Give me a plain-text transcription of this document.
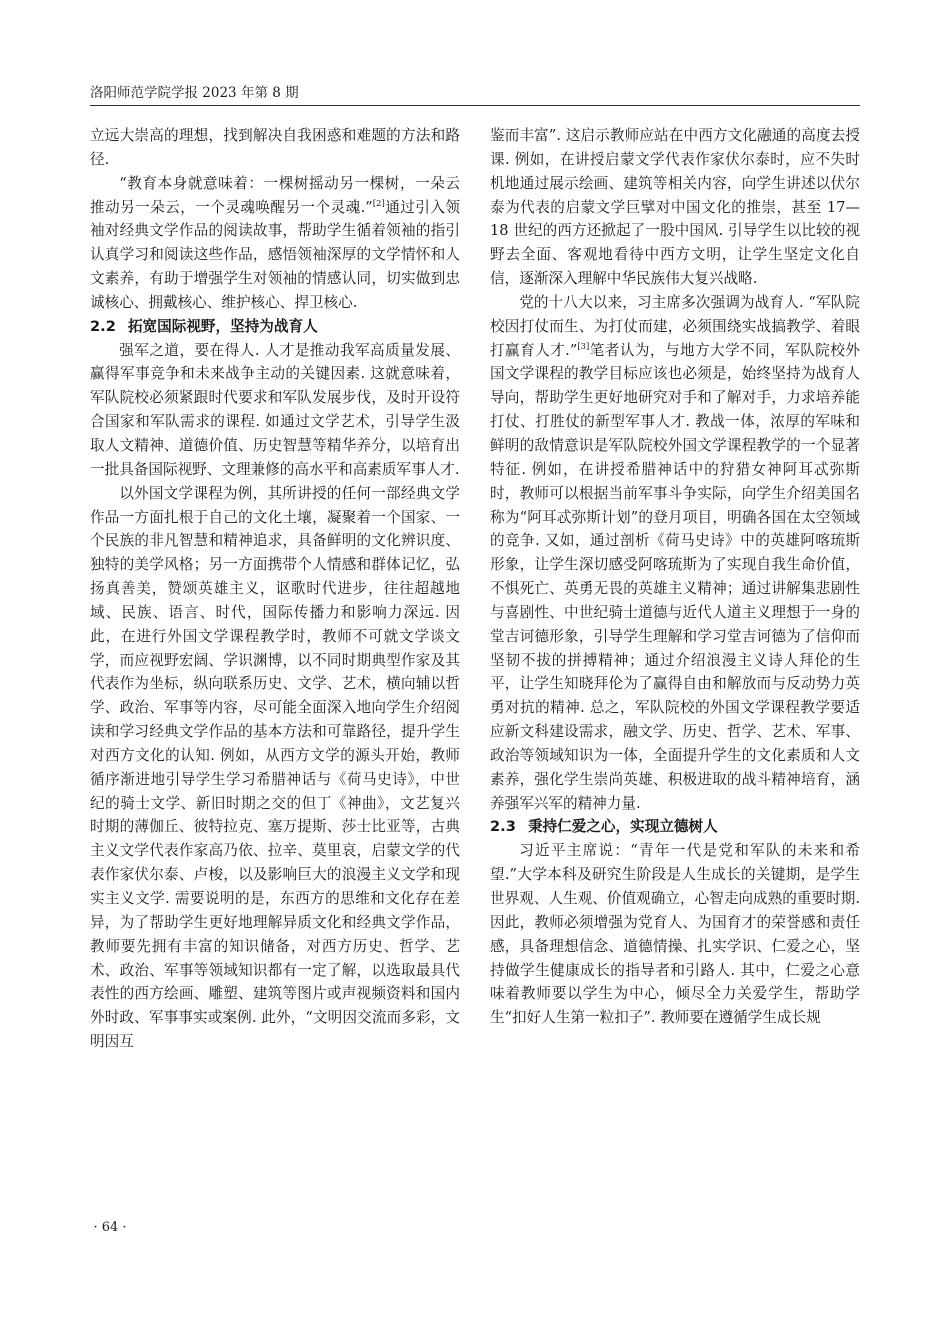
洛阳师范学院学报 2023 年第 8 期

立远大崇高的理想，找到解决自我困惑和难题的方法和路径.

“教育本身就意味着：一棵树摇动另一棵树，一朵云推动另一朵云，一个灵魂唤醒另一个灵魂.”[2]通过引入领袖对经典文学作品的阅读故事，帮助学生循着领袖的指引认真学习和阅读这些作品，感悟领袖深厚的文学情怀和人文素养，有助于增强学生对领袖的情感认同，切实做到忠诚核心、拥戴核心、维护核心、捍卫核心.

2.2 拓宽国际视野，坚持为战育人

强军之道，要在得人. 人才是推动我军高质量发展、赢得军事竞争和未来战争主动的关键因素. 这就意味着，军队院校必须紧跟时代要求和军队发展步伐，及时开设符合国家和军队需求的课程. 如通过文学艺术，引导学生汲取人文精神、道德价值、历史智慧等精华养分，以培育出一批具备国际视野、文理兼修的高水平和高素质军事人才.

以外国文学课程为例，其所讲授的任何一部经典文学作品一方面扎根于自己的文化土壤，凝聚着一个国家、一个民族的非凡智慧和精神追求，具备鲜明的文化辨识度、独特的美学风格；另一方面携带个人情感和群体记忆，弘扬真善美，赞颂英雄主义，讴歌时代进步，往往超越地域、民族、语言、时代，国际传播力和影响力深远. 因此，在进行外国文学课程教学时，教师不可就文学谈文学，而应视野宏阔、学识渊博，以不同时期典型作家及其代表作为坐标，纵向联系历史、文学、艺术，横向辅以哲学、政治、军事等内容，尽可能全面深入地向学生介绍阅读和学习经典文学作品的基本方法和可靠路径，提升学生对西方文化的认知. 例如，从西方文学的源头开始，教师循序渐进地引导学生学习希腊神话与《荷马史诗》，中世纪的骑士文学、新旧时期之交的但丁《神曲》，文艺复兴时期的薄伽丘、彼特拉克、塞万提斯、莎士比亚等，古典主义文学代表作家高乃依、拉辛、莫里哀，启蒙文学的代表作家伏尔泰、卢梭，以及影响巨大的浪漫主义文学和现实主义文学. 需要说明的是，东西方的思维和文化存在差异，为了帮助学生更好地理解异质文化和经典文学作品，教师要先拥有丰富的知识储备，对西方历史、哲学、艺术、政治、军事等领域知识都有一定了解，以选取最具代表性的西方绘画、雕塑、建筑等图片或声视频资料和国内外时政、军事事实或案例. 此外，“文明因交流而多彩，文明因互

鉴而丰富”. 这启示教师应站在中西方文化融通的高度去授课. 例如，在讲授启蒙文学代表作家伏尔泰时，应不失时机地通过展示绘画、建筑等相关内容，向学生讲述以伏尔泰为代表的启蒙文学巨擘对中国文化的推崇，甚至 17—18 世纪的西方还掀起了一股中国风. 引导学生以比较的视野去全面、客观地看待中西方文明，让学生坚定文化自信，逐渐深入理解中华民族伟大复兴战略.

党的十八大以来，习主席多次强调为战育人. “军队院校因打仗而生、为打仗而建，必须围绕实战搞教学、着眼打赢育人才.”[3]笔者认为，与地方大学不同，军队院校外国文学课程的教学目标应该也必须是，始终坚持为战育人导向，帮助学生更好地研究对手和了解对手，力求培养能打仗、打胜仗的新型军事人才. 教战一体，浓厚的军味和鲜明的敌情意识是军队院校外国文学课程教学的一个显著特征. 例如，在讲授希腊神话中的狩猎女神阿耳忒弥斯时，教师可以根据当前军事斗争实际，向学生介绍美国名称为“阿耳忒弥斯计划”的登月项目，明确各国在太空领域的竞争. 又如，通过剖析《荷马史诗》中的英雄阿喀琉斯形象，让学生深切感受阿喀琉斯为了实现自我生命价值，不惧死亡、英勇无畏的英雄主义精神；通过讲解集悲剧性与喜剧性、中世纪骑士道德与近代人道主义理想于一身的堂吉诃德形象，引导学生理解和学习堂吉诃德为了信仰而坚韧不拔的拼搏精神；通过介绍浪漫主义诗人拜伦的生平，让学生知晓拜伦为了赢得自由和解放而与反动势力英勇对抗的精神. 总之，军队院校的外国文学课程教学要适应新文科建设需求，融文学、历史、哲学、艺术、军事、政治等领域知识为一体，全面提升学生的文化素质和人文素养，强化学生崇尚英雄、积极进取的战斗精神培育，涵养强军兴军的精神力量.

2.3 秉持仁爱之心，实现立德树人

习近平主席说：“青年一代是党和军队的未来和希望.”大学本科及研究生阶段是人生成长的关键期，是学生世界观、人生观、价值观确立，心智走向成熟的重要时期. 因此，教师必须增强为党育人、为国育才的荣誉感和责任感，具备理想信念、道德情操、扎实学识、仁爱之心，坚持做学生健康成长的指导者和引路人. 其中，仁爱之心意味着教师要以学生为中心，倾尽全力关爱学生，帮助学生“扣好人生第一粒扣子”. 教师要在遵循学生成长规

· 64 ·
